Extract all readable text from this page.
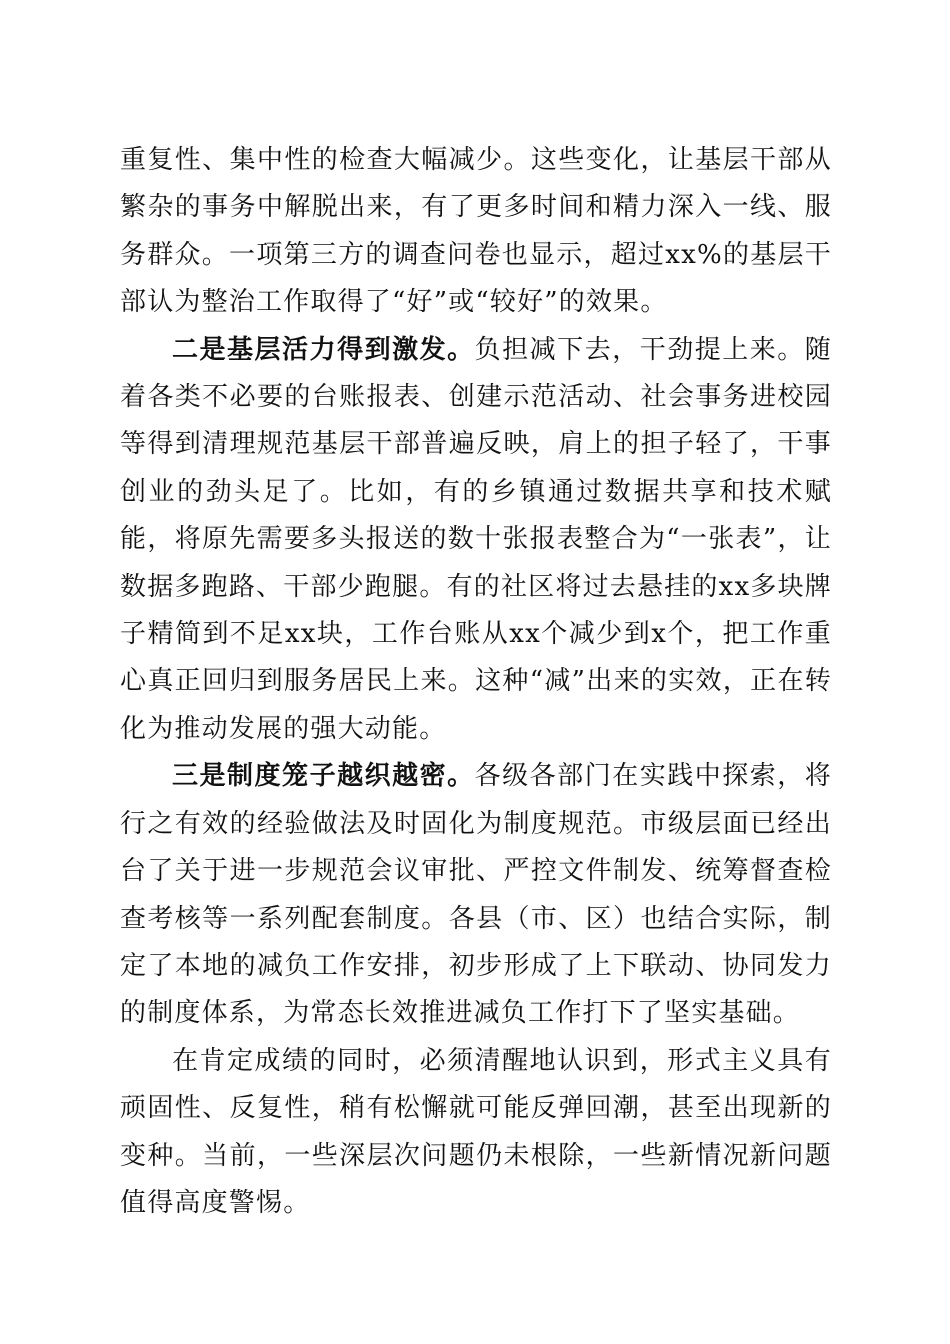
重复性、集中性的检查大幅减少。这些变化，让基层干部从繁杂的事务中解脱出来，有了更多时间和精力深入一线、服务群众。一项第三方的调查问卷也显示，超过xx%的基层干部认为整治工作取得了“好”或“较好”的效果。

二是基层活力得到激发。负担减下去，干劲提上来。随着各类不必要的台账报表、创建示范活动、社会事务进校园等得到清理规范基层干部普遍反映，肩上的担子轻了，干事创业的劲头足了。比如，有的乡镇通过数据共享和技术赋能，将原先需要多头报送的数十张报表整合为“一张表”，让数据多跑路、干部少跑腿。有的社区将过去悬挂的xx多块牌子精简到不足xx块，工作台账从xx个减少到x个，把工作重心真正回归到服务居民上来。这种“减”出来的实效，正在转化为推动发展的强大动能。

三是制度笼子越织越密。各级各部门在实践中探索，将行之有效的经验做法及时固化为制度规范。市级层面已经出台了关于进一步规范会议审批、严控文件制发、统筹督查检查考核等一系列配套制度。各县（市、区）也结合实际，制定了本地的减负工作安排，初步形成了上下联动、协同发力的制度体系，为常态长效推进减负工作打下了坚实基础。

在肯定成绩的同时，必须清醒地认识到，形式主义具有顽固性、反复性，稍有松懈就可能反弹回潮，甚至出现新的变种。当前，一些深层次问题仍未根除，一些新情况新问题值得高度警惕。
